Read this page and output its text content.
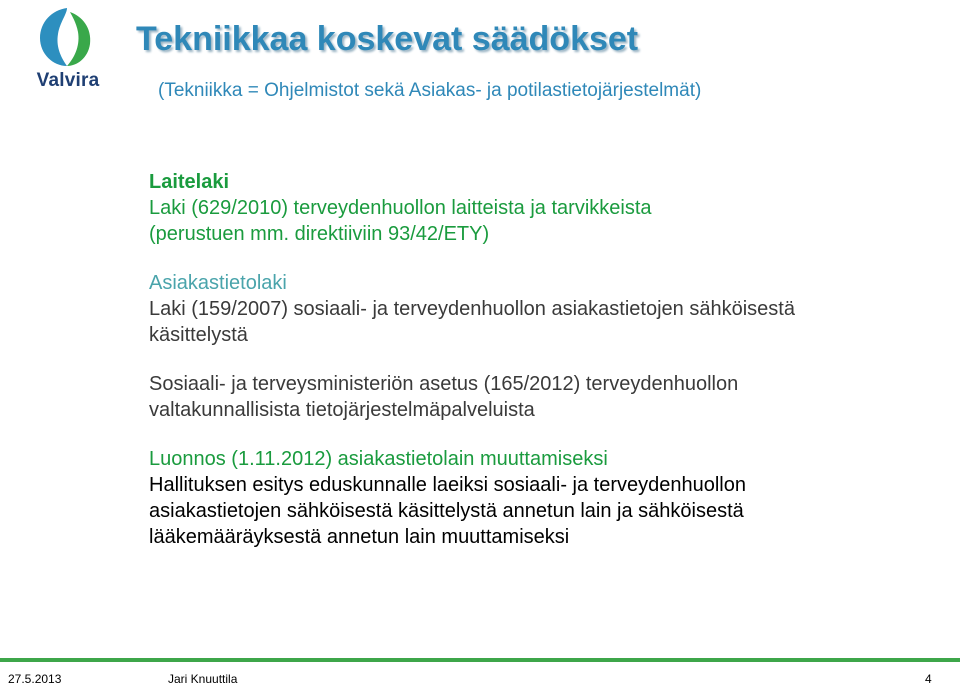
Valvira
Tekniikkaa koskevat säädökset
(Tekniikka = Ohjelmistot sekä Asiakas- ja potilastietojärjestelmät)

Laitelaki

Laki (629/2010) terveydenhuollon laitteista ja tarvikkeista

(perustuen mm. direktiiviin 93/42/ETY)

Asiakastietolaki

Laki (159/2007) sosiaali- ja terveydenhuollon asiakastietojen sähköisestä

käsittelystä

Sosiaali- ja terveysministeriön asetus (165/2012) terveydenhuollon

valtakunnallisista tietojärjestelmäpalveluista

Luonnos (1.11.2012) asiakastietolain muuttamiseksi

Hallituksen esitys eduskunnalle laeiksi sosiaali- ja terveydenhuollon

asiakastietojen sähköisestä käsittelystä annetun lain ja sähköisestä

lääkemääräyksestä annetun lain muuttamiseksi

27.5.2013	Jari Knuuttila	4
